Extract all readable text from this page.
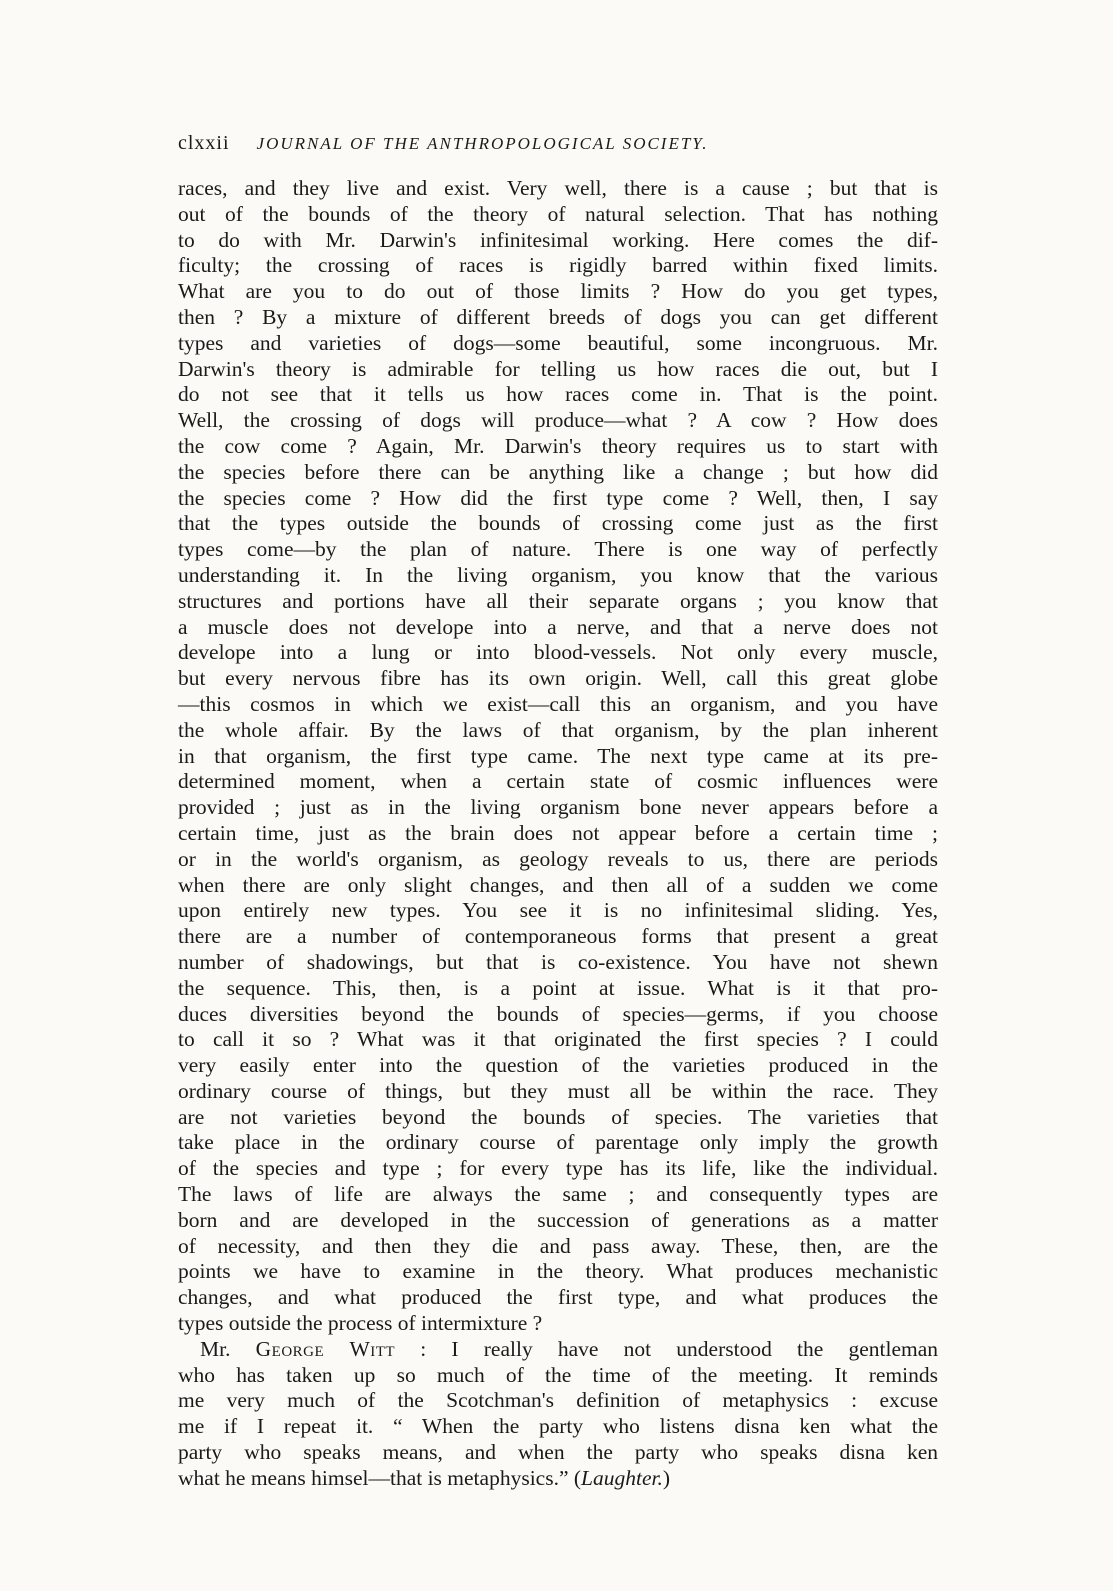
clxxii JOURNAL OF THE ANTHROPOLOGICAL SOCIETY.
races, and they live and exist. Very well, there is a cause ; but that is
out of the bounds of the theory of natural selection. That has nothing
to do with Mr. Darwin's infinitesimal working. Here comes the dif-
ficulty; the crossing of races is rigidly barred within fixed limits.
What are you to do out of those limits ? How do you get types,
then ? By a mixture of different breeds of dogs you can get different
types and varieties of dogs—some beautiful, some incongruous. Mr.
Darwin's theory is admirable for telling us how races die out, but I
do not see that it tells us how races come in. That is the point.
Well, the crossing of dogs will produce—what ? A cow ? How does
the cow come ? Again, Mr. Darwin's theory requires us to start with
the species before there can be anything like a change ; but how did
the species come ? How did the first type come ? Well, then, I say
that the types outside the bounds of crossing come just as the first
types come—by the plan of nature. There is one way of perfectly
understanding it. In the living organism, you know that the various
structures and portions have all their separate organs ; you know that
a muscle does not develope into a nerve, and that a nerve does not
develope into a lung or into blood-vessels. Not only every muscle,
but every nervous fibre has its own origin. Well, call this great globe
—this cosmos in which we exist—call this an organism, and you have
the whole affair. By the laws of that organism, by the plan inherent
in that organism, the first type came. The next type came at its pre-
determined moment, when a certain state of cosmic influences were
provided ; just as in the living organism bone never appears before a
certain time, just as the brain does not appear before a certain time ;
or in the world's organism, as geology reveals to us, there are periods
when there are only slight changes, and then all of a sudden we come
upon entirely new types. You see it is no infinitesimal sliding. Yes,
there are a number of contemporaneous forms that present a great
number of shadowings, but that is co-existence. You have not shewn
the sequence. This, then, is a point at issue. What is it that pro-
duces diversities beyond the bounds of species—germs, if you choose
to call it so ? What was it that originated the first species ? I could
very easily enter into the question of the varieties produced in the
ordinary course of things, but they must all be within the race. They
are not varieties beyond the bounds of species. The varieties that
take place in the ordinary course of parentage only imply the growth
of the species and type ; for every type has its life, like the individual.
The laws of life are always the same ; and consequently types are
born and are developed in the succession of generations as a matter
of necessity, and then they die and pass away. These, then, are the
points we have to examine in the theory. What produces mechanistic
changes, and what produced the first type, and what produces the
types outside the process of intermixture ?
Mr. George Witt : I really have not understood the gentleman
who has taken up so much of the time of the meeting. It reminds
me very much of the Scotchman's definition of metaphysics : excuse
me if I repeat it. “ When the party who listens disna ken what the
party who speaks means, and when the party who speaks disna ken
what he means himsel—that is metaphysics.” (Laughter.)
